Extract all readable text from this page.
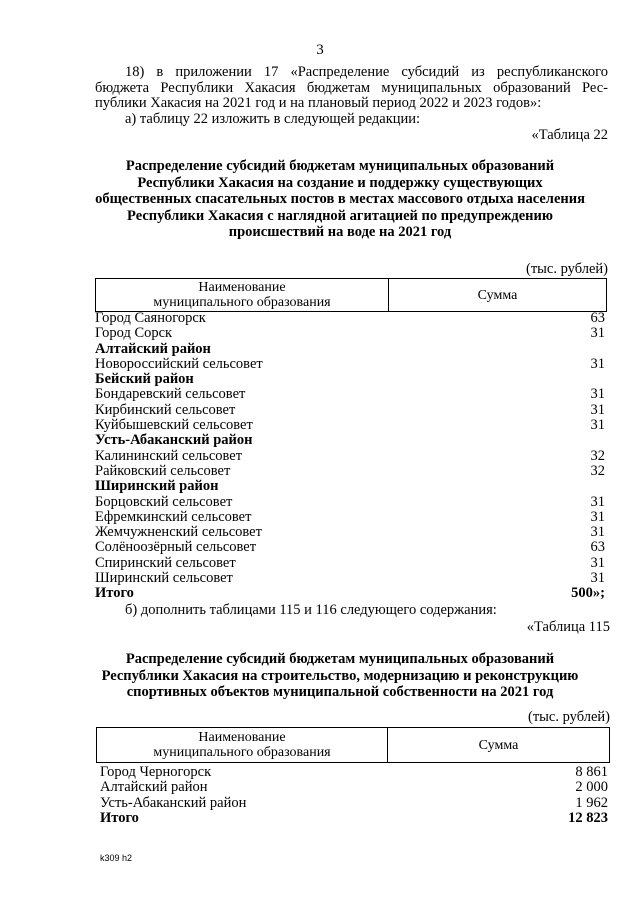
3
18) в приложении 17 «Распределение субсидий из республиканского
бюджета Республики Хакасия бюджетам муниципальных образований Рес-
публики Хакасия на 2021 год и на плановый период 2022 и 2023 годов»:
а) таблицу 22 изложить в следующей редакции:
«Таблица 22
Распределение субсидий бюджетам муниципальных образований
Республики Хакасия на создание и поддержку существующих
общественных спасательных постов в местах массового отдыха населения
Республики Хакасия с наглядной агитацией по предупреждению
происшествий на воде на 2021 год
(тыс. рублей)
Наименование
муниципального образования	Сумма
Город Саяногорск	63
Город Сорск	31
Алтайский район
Новороссийский сельсовет	31
Бейский район
Бондаревский сельсовет	31
Кирбинский сельсовет	31
Куйбышевский сельсовет	31
Усть-Абаканский район
Калининский сельсовет	32
Райковский сельсовет	32
Ширинский район
Борцовский сельсовет	31
Ефремкинский сельсовет	31
Жемчужненский сельсовет	31
Солёноозёрный сельсовет	63
Спиринский сельсовет	31
Ширинский сельсовет	31
Итого	500»;
б) дополнить таблицами 115 и 116 следующего содержания:
«Таблица 115
Распределение субсидий бюджетам муниципальных образований
Республики Хакасия на строительство, модернизацию и реконструкцию
спортивных объектов муниципальной собственности на 2021 год
(тыс. рублей)
Наименование
муниципального образования	Сумма
Город Черногорск	8 861
Алтайский район	2 000
Усть-Абаканский район	1 962
Итого	12 823
k309 h2
